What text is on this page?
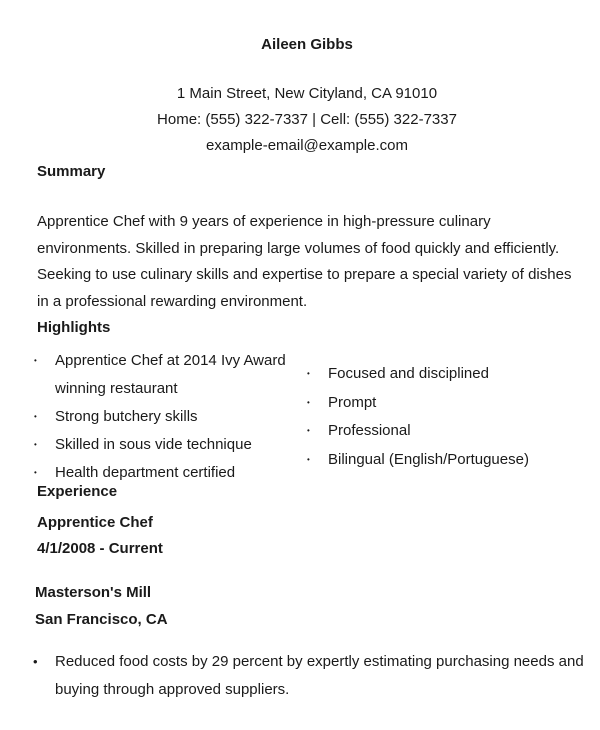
Aileen Gibbs
1 Main Street, New Cityland, CA 91010
Home: (555) 322-7337 | Cell: (555) 322-7337
example-email@example.com
Summary

Apprentice Chef with 9 years of experience in high-pressure culinary environments. Skilled in preparing large volumes of food quickly and efficiently. Seeking to use culinary skills and expertise to prepare a special variety of dishes in a professional rewarding environment.

Highlights
• Apprentice Chef at 2014 Ivy Award winning restaurant
• Strong butchery skills
• Skilled in sous vide technique
• Health department certified
• Focused and disciplined
• Prompt
• Professional
• Bilingual (English/Portuguese)
Experience
Apprentice Chef
4/1/2008 - Current
Masterson's Mill
San Francisco, CA
• Reduced food costs by 29 percent by expertly estimating purchasing needs and buying through approved suppliers.
